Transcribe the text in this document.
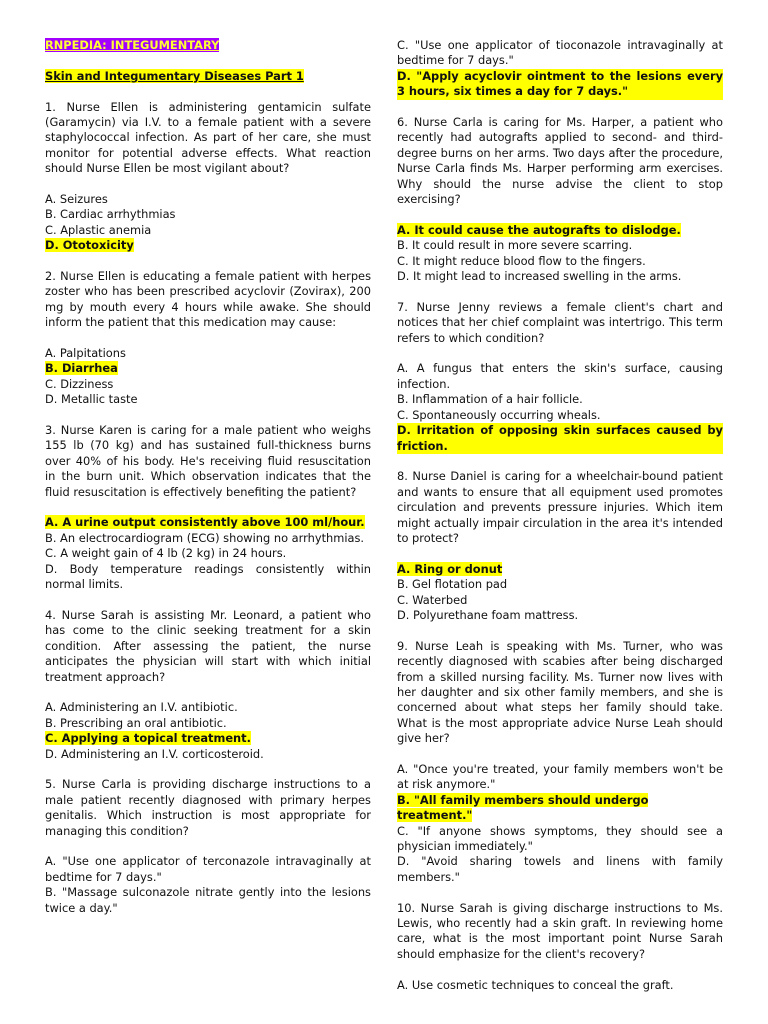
RNPEDIA: INTEGUMENTARY
Skin and Integumentary Diseases Part 1

1. Nurse Ellen is administering gentamicin sulfate (Garamycin) via I.V. to a female patient with a severe staphylococcal infection. As part of her care, she must monitor for potential adverse effects. What reaction should Nurse Ellen be most vigilant about?

A. Seizures
B. Cardiac arrhythmias
C. Aplastic anemia
D. Ototoxicity

2. Nurse Ellen is educating a female patient with herpes zoster who has been prescribed acyclovir (Zovirax), 200 mg by mouth every 4 hours while awake. She should inform the patient that this medication may cause:

A. Palpitations
B. Diarrhea
C. Dizziness
D. Metallic taste

3. Nurse Karen is caring for a male patient who weighs 155 lb (70 kg) and has sustained full-thickness burns over 40% of his body. He's receiving fluid resuscitation in the burn unit. Which observation indicates that the fluid resuscitation is effectively benefiting the patient?

A. A urine output consistently above 100 ml/hour.

B. An electrocardiogram (ECG) showing no arrhythmias.

C. A weight gain of 4 lb (2 kg) in 24 hours.

D. Body temperature readings consistently within normal limits.

4. Nurse Sarah is assisting Mr. Leonard, a patient who has come to the clinic seeking treatment for a skin condition. After assessing the patient, the nurse anticipates the physician will start with which initial treatment approach?

A. Administering an I.V. antibiotic.
B. Prescribing an oral antibiotic.
C. Applying a topical treatment.
D. Administering an I.V. corticosteroid.

5. Nurse Carla is providing discharge instructions to a male patient recently diagnosed with primary herpes genitalis. Which instruction is most appropriate for managing this condition?

A. "Use one applicator of terconazole intravaginally at bedtime for 7 days."

B. "Massage sulconazole nitrate gently into the lesions twice a day."

C. "Use one applicator of tioconazole intravaginally at bedtime for 7 days."

D. "Apply acyclovir ointment to the lesions every 3 hours, six times a day for 7 days."

6. Nurse Carla is caring for Ms. Harper, a patient who recently had autografts applied to second- and third-degree burns on her arms. Two days after the procedure, Nurse Carla finds Ms. Harper performing arm exercises. Why should the nurse advise the client to stop exercising?

A. It could cause the autografts to dislodge.
B. It could result in more severe scarring.
C. It might reduce blood flow to the fingers.
D. It might lead to increased swelling in the arms.

7. Nurse Jenny reviews a female client's chart and notices that her chief complaint was intertrigo. This term refers to which condition?

A. A fungus that enters the skin's surface, causing infection.

B. Inflammation of a hair follicle.
C. Spontaneously occurring wheals.

D. Irritation of opposing skin surfaces caused by friction.

8. Nurse Daniel is caring for a wheelchair-bound patient and wants to ensure that all equipment used promotes circulation and prevents pressure injuries. Which item might actually impair circulation in the area it's intended to protect?

A. Ring or donut
B. Gel flotation pad
C. Waterbed
D. Polyurethane foam mattress.

9. Nurse Leah is speaking with Ms. Turner, who was recently diagnosed with scabies after being discharged from a skilled nursing facility. Ms. Turner now lives with her daughter and six other family members, and she is concerned about what steps her family should take. What is the most appropriate advice Nurse Leah should give her?

A. "Once you're treated, your family members won't be at risk anymore."

B. "All family members should undergo treatment."

C. "If anyone shows symptoms, they should see a physician immediately."

D. "Avoid sharing towels and linens with family members."

10. Nurse Sarah is giving discharge instructions to Ms. Lewis, who recently had a skin graft. In reviewing home care, what is the most important point Nurse Sarah should emphasize for the client's recovery?

A. Use cosmetic techniques to conceal the graft.
